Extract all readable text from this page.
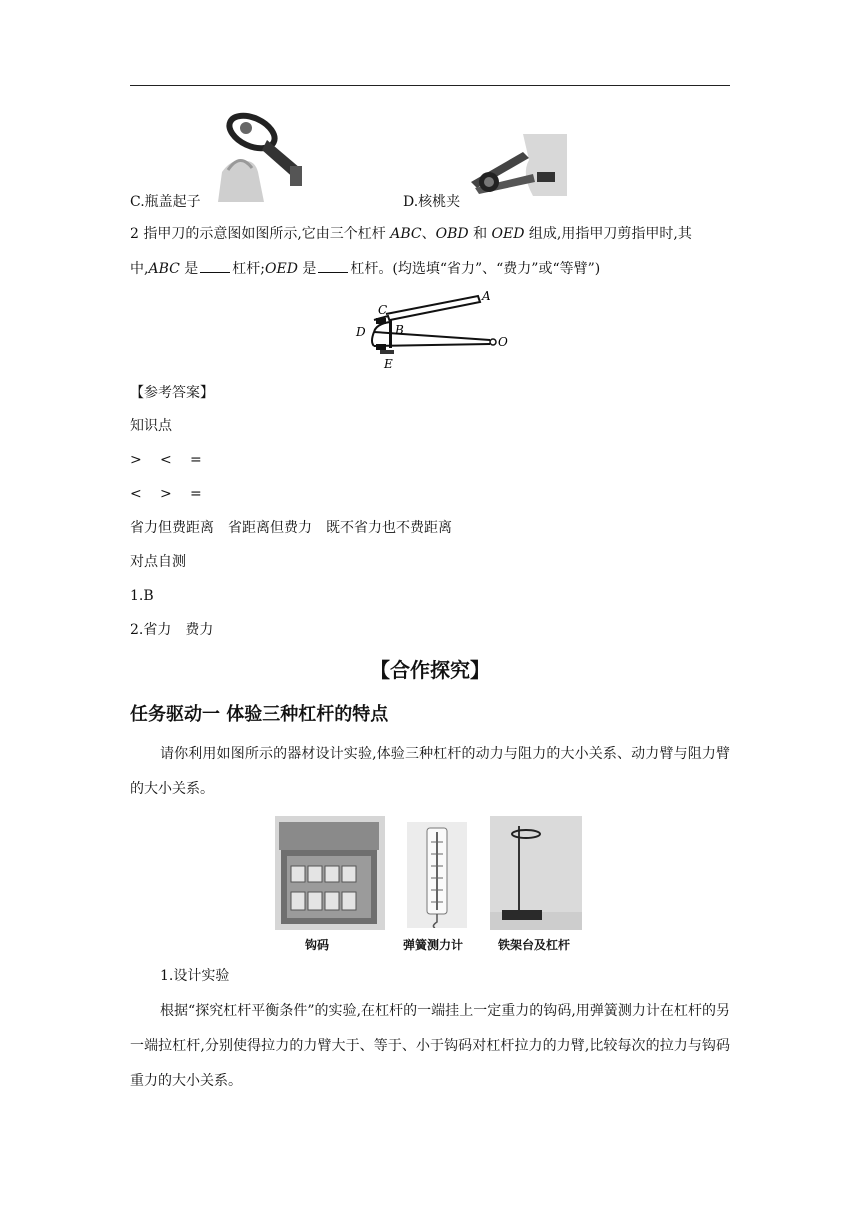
C.瓶盖起子	D.核桃夹
2 指甲刀的示意图如图所示,它由三个杠杆 ABC、OBD 和 OED 组成,用指甲刀剪指甲时,其
中,ABC 是 杠杆;OED 是 杠杆。(均选填“省力”、“费力”或“等臂”)
C
A
B
D
O
E
【参考答案】
知识点
> < =
< > =
省力但费距离　省距离但费力　既不省力也不费距离
对点自测
1.B
2.省力　费力
【合作探究】
任务驱动一 体验三种杠杆的特点
请你利用如图所示的器材设计实验,体验三种杠杆的动力与阻力的大小关系、动力臂与阻力臂的大小关系。
钩码	弹簧测力计	铁架台及杠杆
1.设计实验
根据“探究杠杆平衡条件”的实验,在杠杆的一端挂上一定重力的钩码,用弹簧测力计在杠杆的另一端拉杠杆,分别使得拉力的力臂大于、等于、小于钩码对杠杆拉力的力臂,比较每次的拉力与钩码重力的大小关系。
